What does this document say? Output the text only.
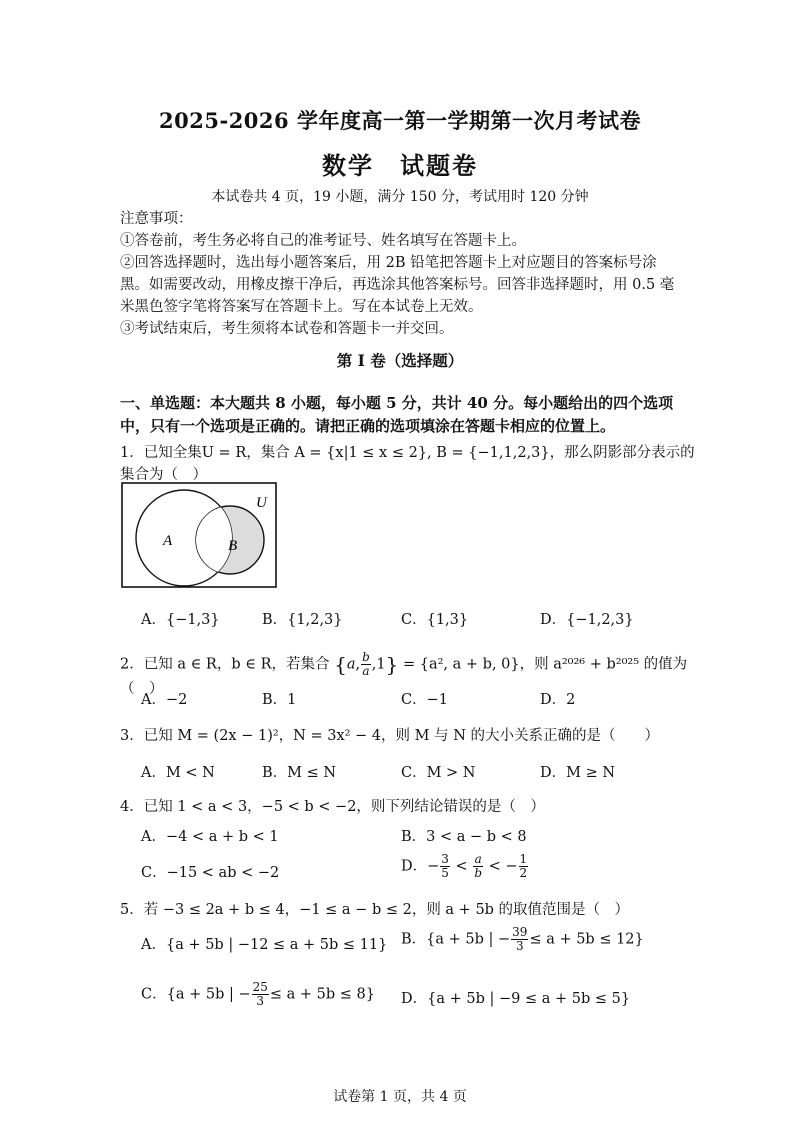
2025-2026 学年度高一第一学期第一次月考试卷
数学　试题卷
本试卷共 4 页，19 小题，满分 150 分，考试用时 120 分钟

注意事项：

①答卷前，考生务必将自己的准考证号、姓名填写在答题卡上。

②回答选择题时，选出每小题答案后，用 2B 铅笔把答题卡上对应题目的答案标号涂黑。如需要改动，用橡皮擦干净后，再选涂其他答案标号。回答非选择题时，用 0.5 毫米黑色签字笔将答案写在答题卡上。写在本试卷上无效。

③考试结束后，考生须将本试卷和答题卡一并交回。

第 I 卷（选择题）
一、单选题：本大题共 8 小题，每小题 5 分，共计 40 分。每小题给出的四个选项中，只有一个选项是正确的。请把正确的选项填涂在答题卡相应的位置上。
1．已知全集U = R，集合 A = {x|1 ≤ x ≤ 2}, B = {−1,1,2,3}，那么阴影部分表示的集合为（　）
U
A	B
A．{−1,3}	B．{1,2,3}	C．{1,3}	D．{−1,2,3}
2．已知 a ∈ R，b ∈ R，若集合 {a, $\frac{b}{a} ,1\} = \{a^2$, a + b, 0}，则 a²⁰²⁶ + b²⁰²⁵ 的值为（　）
A．−2	B．1	C．−1	D．2
3．已知 M = (2x − 1)²，N = 3x² − 4，则 M 与 N 的大小关系正确的是（　　）
A．M < N	B．M ≤ N	C．M > N	D．M ≥ N
4．已知 1 < a < 3，−5 < b < −2，则下列结论错误的是（　）
A．−4 < a + b < 1	B．3 < a − b < 8
C．−15 < ab < −2	D．− $\frac{3}{5} < \frac{a}{b}$ < − $\frac{1}{2}$
5．若 −3 ≤ 2a + b ≤ 4，−1 ≤ a − b ≤ 2，则 a + 5b 的取值范围是（　）
A．{a + 5b | −12 ≤ a + 5b ≤ 11} B．{a + 5b | − $\frac{39}{3} \le a + 5b \le 12$}
C．{a + 5b | − $\frac{25}{3} \le a + 5b \le 8$} D．{a + 5b | −9 ≤ a + 5b ≤ 5}
试卷第 1 页，共 4 页
